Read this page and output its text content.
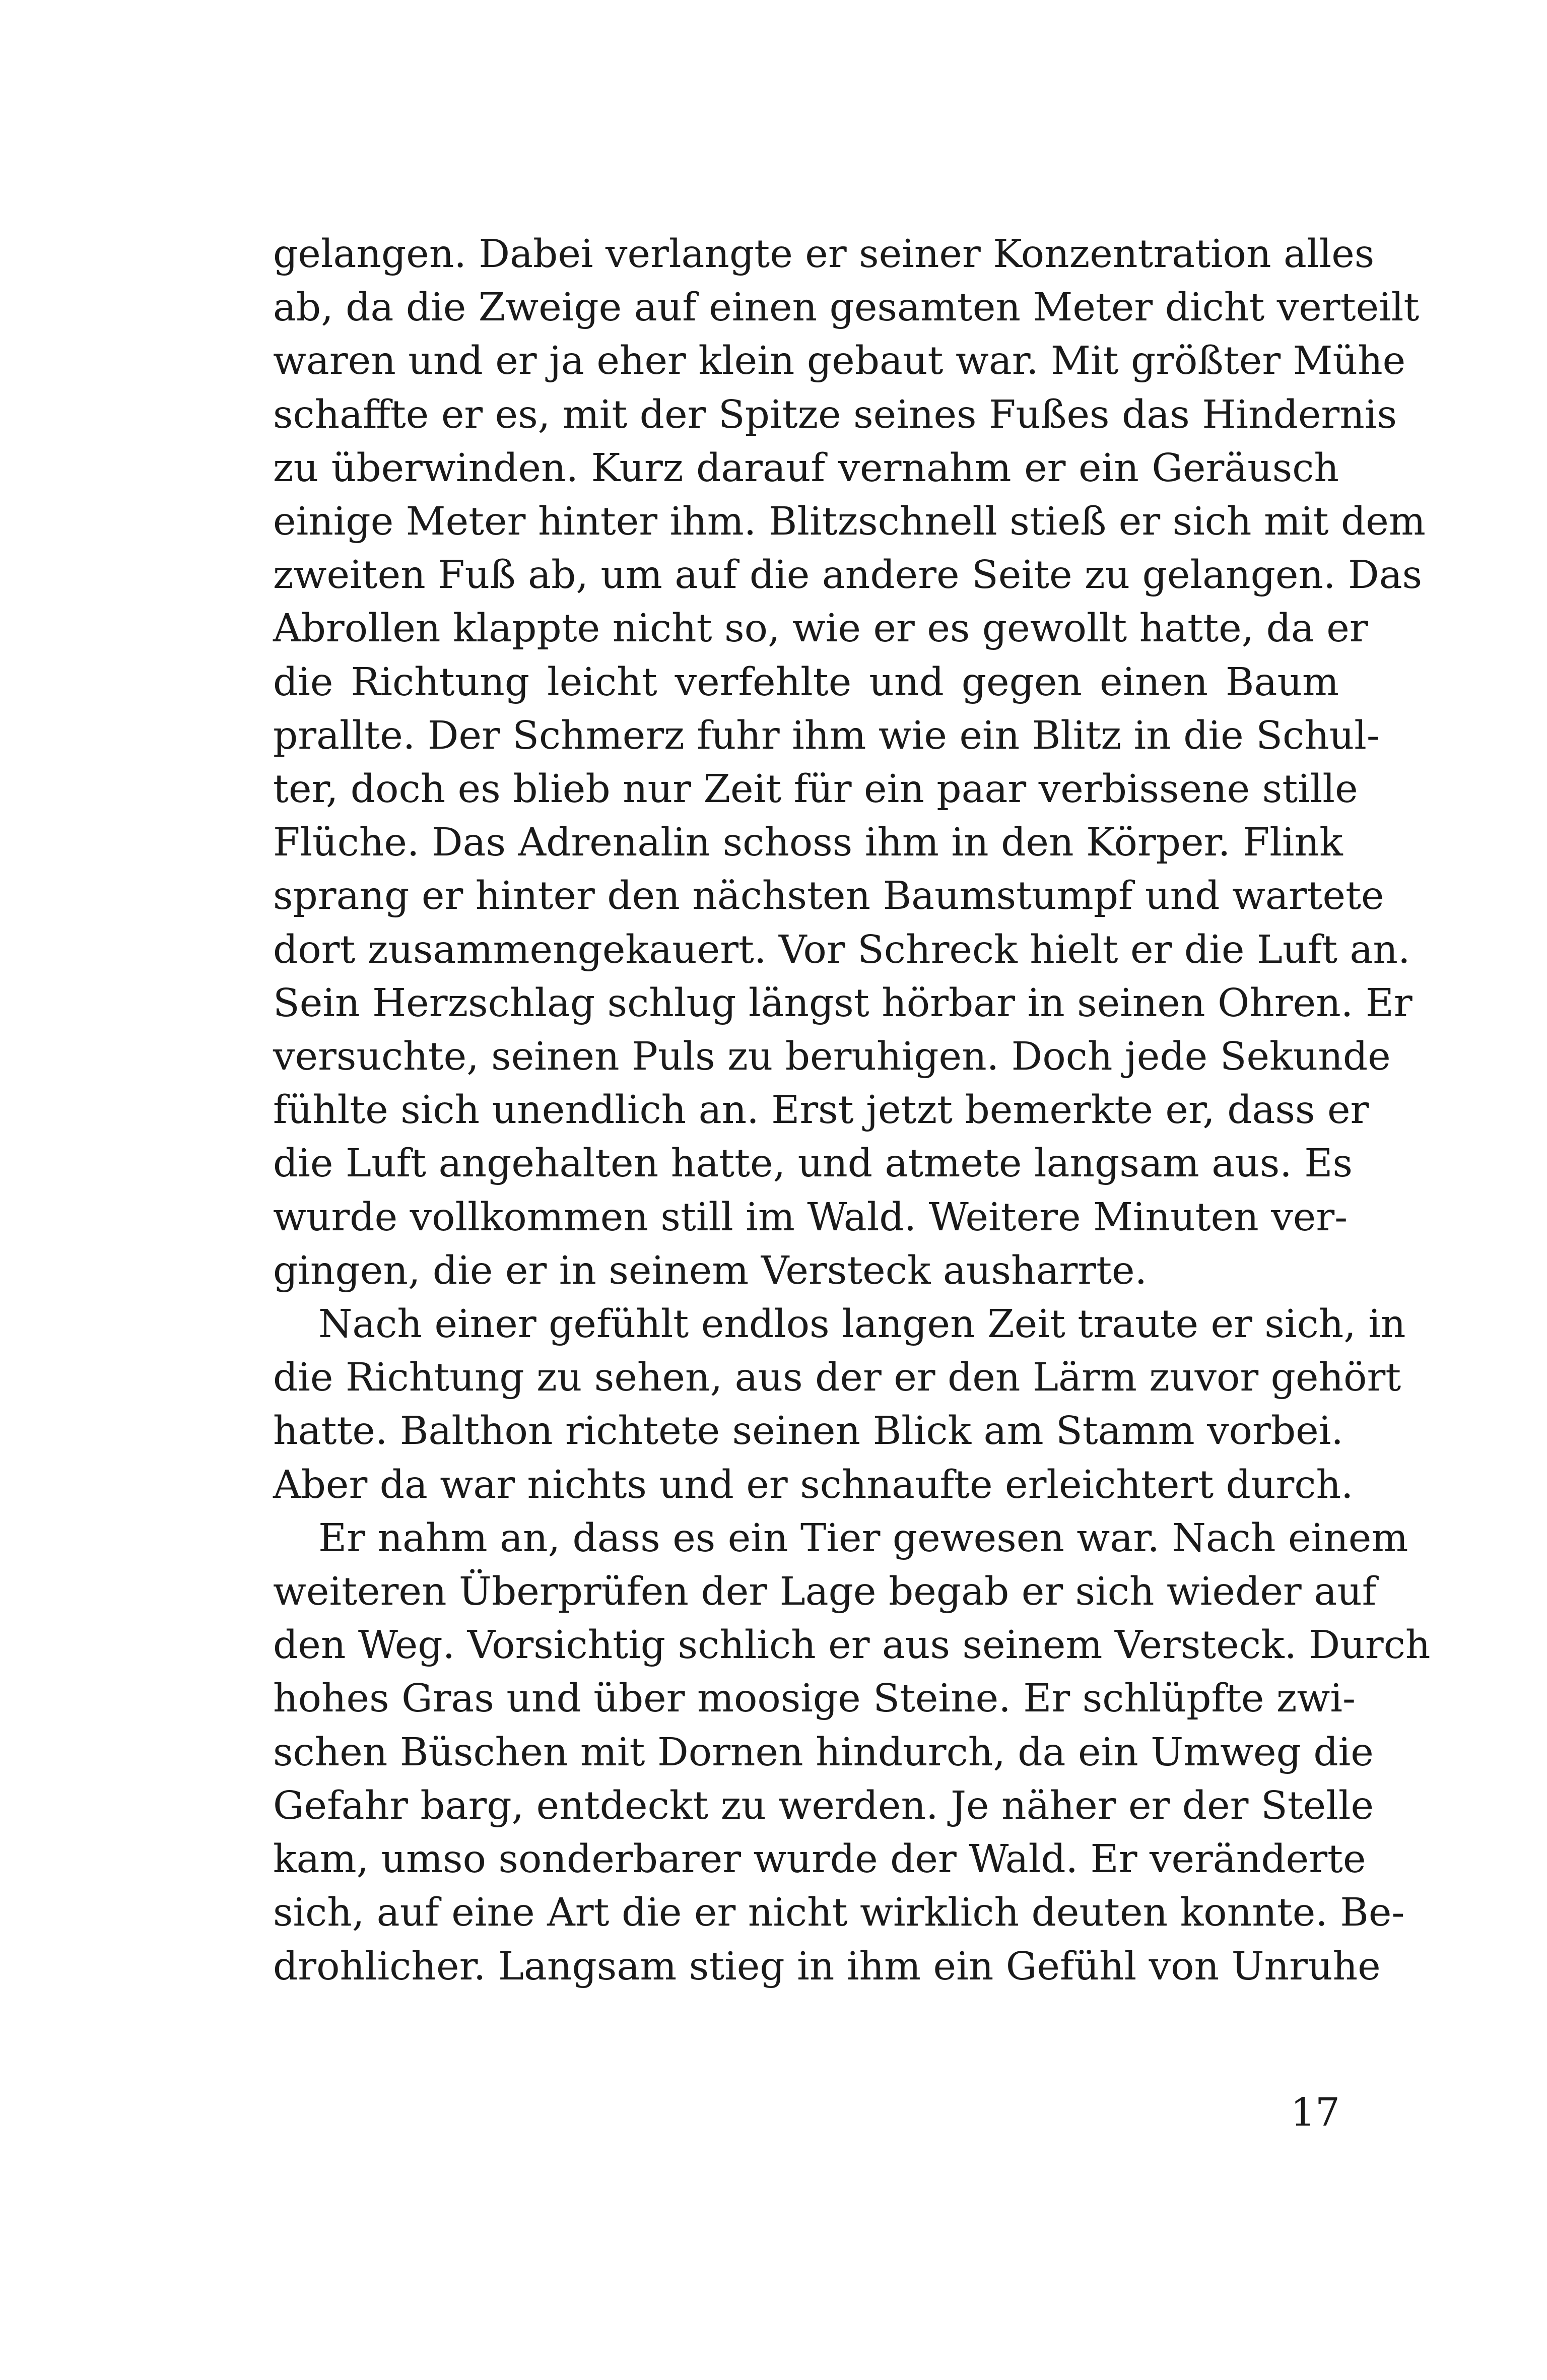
gelangen. Dabei verlangte er seiner Konzentration alles
ab, da die Zweige auf einen gesamten Meter dicht verteilt
waren und er ja eher klein gebaut war. Mit größter Mühe
schaffte er es, mit der Spitze seines Fußes das Hindernis
zu überwinden. Kurz darauf vernahm er ein Geräusch
einige Meter hinter ihm. Blitzschnell stieß er sich mit dem
zweiten Fuß ab, um auf die andere Seite zu gelangen. Das
Abrollen klappte nicht so, wie er es gewollt hatte, da er
die Richtung leicht verfehlte und gegen einen Baum
prallte. Der Schmerz fuhr ihm wie ein Blitz in die Schul-
ter, doch es blieb nur Zeit für ein paar verbissene stille
Flüche. Das Adrenalin schoss ihm in den Körper. Flink
sprang er hinter den nächsten Baumstumpf und wartete
dort zusammengekauert. Vor Schreck hielt er die Luft an.
Sein Herzschlag schlug längst hörbar in seinen Ohren. Er
versuchte, seinen Puls zu beruhigen. Doch jede Sekunde
fühlte sich unendlich an. Erst jetzt bemerkte er, dass er
die Luft angehalten hatte, und atmete langsam aus. Es
wurde vollkommen still im Wald. Weitere Minuten ver-
gingen, die er in seinem Versteck ausharrte.

Nach einer gefühlt endlos langen Zeit traute er sich, in
die Richtung zu sehen, aus der er den Lärm zuvor gehört
hatte. Balthon richtete seinen Blick am Stamm vorbei.
Aber da war nichts und er schnaufte erleichtert durch.

Er nahm an, dass es ein Tier gewesen war. Nach einem
weiteren Überprüfen der Lage begab er sich wieder auf
den Weg. Vorsichtig schlich er aus seinem Versteck. Durch
hohes Gras und über moosige Steine. Er schlüpfte zwi-
schen Büschen mit Dornen hindurch, da ein Umweg die
Gefahr barg, entdeckt zu werden. Je näher er der Stelle
kam, umso sonderbarer wurde der Wald. Er veränderte
sich, auf eine Art die er nicht wirklich deuten konnte. Be-
drohlicher. Langsam stieg in ihm ein Gefühl von Unruhe

17
